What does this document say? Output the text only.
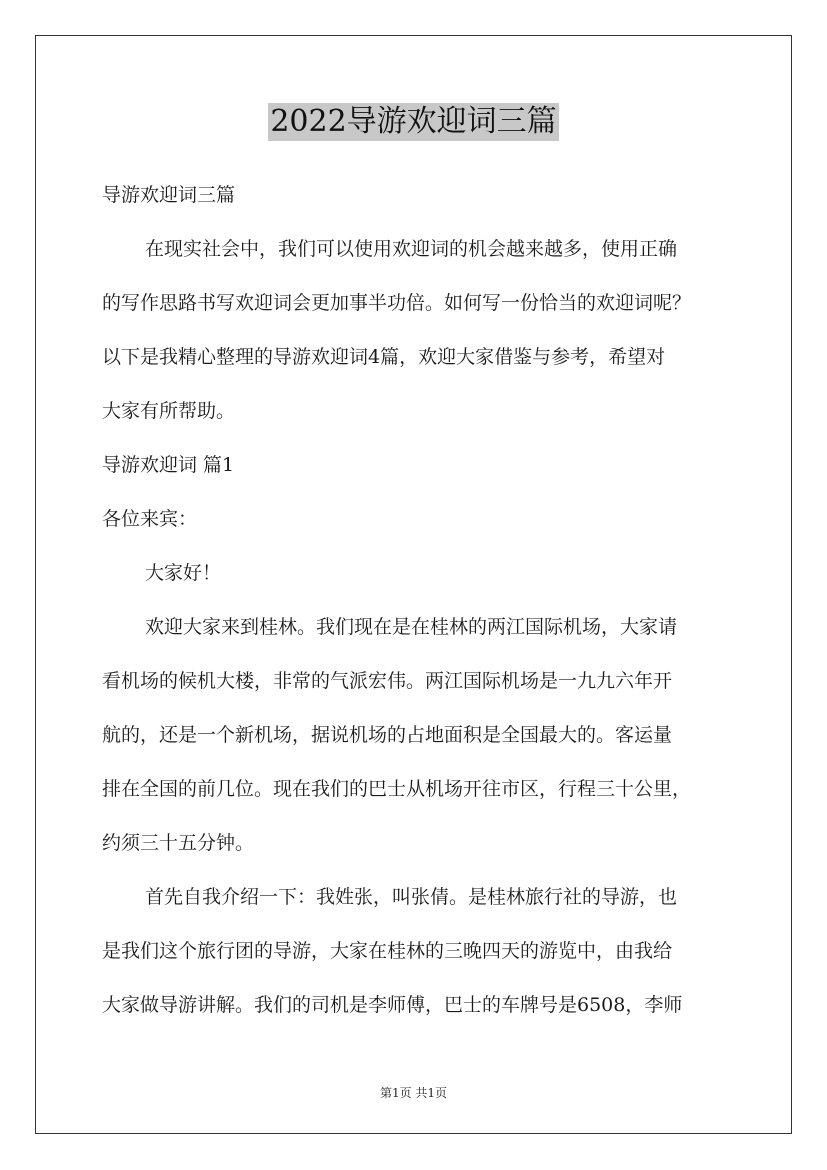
2022导游欢迎词三篇
导游欢迎词三篇
在现实社会中，我们可以使用欢迎词的机会越来越多，使用正确
的写作思路书写欢迎词会更加事半功倍。如何写一份恰当的欢迎词呢？
以下是我精心整理的导游欢迎词4篇，欢迎大家借鉴与参考，希望对
大家有所帮助。
导游欢迎词 篇1
各位来宾：
大家好！
欢迎大家来到桂林。我们现在是在桂林的两江国际机场，大家请
看机场的候机大楼，非常的气派宏伟。两江国际机场是一九九六年开
航的，还是一个新机场，据说机场的占地面积是全国最大的。客运量
排在全国的前几位。现在我们的巴士从机场开往市区，行程三十公里，
约须三十五分钟。
首先自我介绍一下：我姓张，叫张倩。是桂林旅行社的导游，也
是我们这个旅行团的导游，大家在桂林的三晚四天的游览中，由我给
大家做导游讲解。我们的司机是李师傅，巴士的车牌号是6508，李师
第1页 共1页
